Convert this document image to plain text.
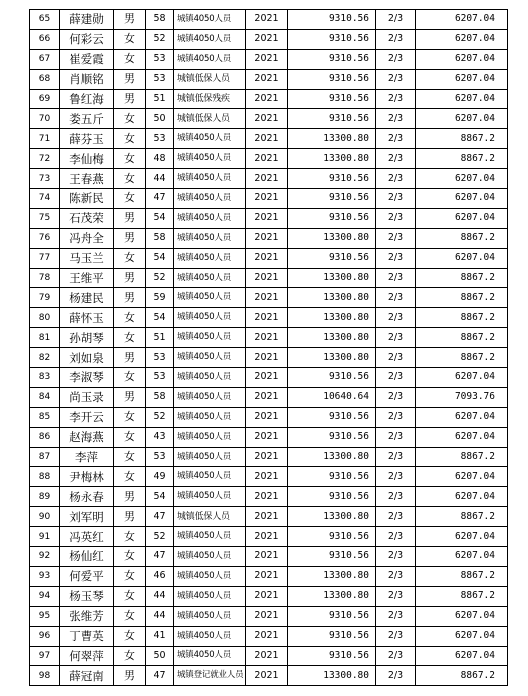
65	薛建勋	男	58	城镇4050人员	2021	9310.56	2/3	6207.04
66	何彩云	女	52	城镇4050人员	2021	9310.56	2/3	6207.04
67	崔爱霞	女	53	城镇4050人员	2021	9310.56	2/3	6207.04
68	肖顺铭	男	53	城镇低保人员	2021	9310.56	2/3	6207.04
69	鲁红海	男	51	城镇低保残疾	2021	9310.56	2/3	6207.04
70	娄五斤	女	50	城镇低保人员	2021	9310.56	2/3	6207.04
71	薛芬玉	女	53	城镇4050人员	2021	13300.80	2/3	8867.2
72	李仙梅	女	48	城镇4050人员	2021	13300.80	2/3	8867.2
73	王春燕	女	44	城镇4050人员	2021	9310.56	2/3	6207.04
74	陈新民	女	47	城镇4050人员	2021	9310.56	2/3	6207.04
75	石茂荣	男	54	城镇4050人员	2021	9310.56	2/3	6207.04
76	冯舟全	男	58	城镇4050人员	2021	13300.80	2/3	8867.2
77	马玉兰	女	54	城镇4050人员	2021	9310.56	2/3	6207.04
78	王维平	男	52	城镇4050人员	2021	13300.80	2/3	8867.2
79	杨建民	男	59	城镇4050人员	2021	13300.80	2/3	8867.2
80	薛怀玉	女	54	城镇4050人员	2021	13300.80	2/3	8867.2
81	孙胡琴	女	51	城镇4050人员	2021	13300.80	2/3	8867.2
82	刘如泉	男	53	城镇4050人员	2021	13300.80	2/3	8867.2
83	李淑琴	女	53	城镇4050人员	2021	9310.56	2/3	6207.04
84	尚玉录	男	58	城镇4050人员	2021	10640.64	2/3	7093.76
85	李开云	女	52	城镇4050人员	2021	9310.56	2/3	6207.04
86	赵海燕	女	43	城镇4050人员	2021	9310.56	2/3	6207.04
87	李萍	女	53	城镇4050人员	2021	13300.80	2/3	8867.2
88	尹梅林	女	49	城镇4050人员	2021	9310.56	2/3	6207.04
89	杨永春	男	54	城镇4050人员	2021	9310.56	2/3	6207.04
90	刘军明	男	47	城镇低保人员	2021	13300.80	2/3	8867.2
91	冯英红	女	52	城镇4050人员	2021	9310.56	2/3	6207.04
92	杨仙红	女	47	城镇4050人员	2021	9310.56	2/3	6207.04
93	何爱平	女	46	城镇4050人员	2021	13300.80	2/3	8867.2
94	杨玉琴	女	44	城镇4050人员	2021	13300.80	2/3	8867.2
95	张维芳	女	44	城镇4050人员	2021	9310.56	2/3	6207.04
96	丁曹英	女	41	城镇4050人员	2021	9310.56	2/3	6207.04
97	何翠萍	女	50	城镇4050人员	2021	9310.56	2/3	6207.04
98	薛冠南	男	47	城镇登记就业人员	2021	13300.80	2/3	8867.2
